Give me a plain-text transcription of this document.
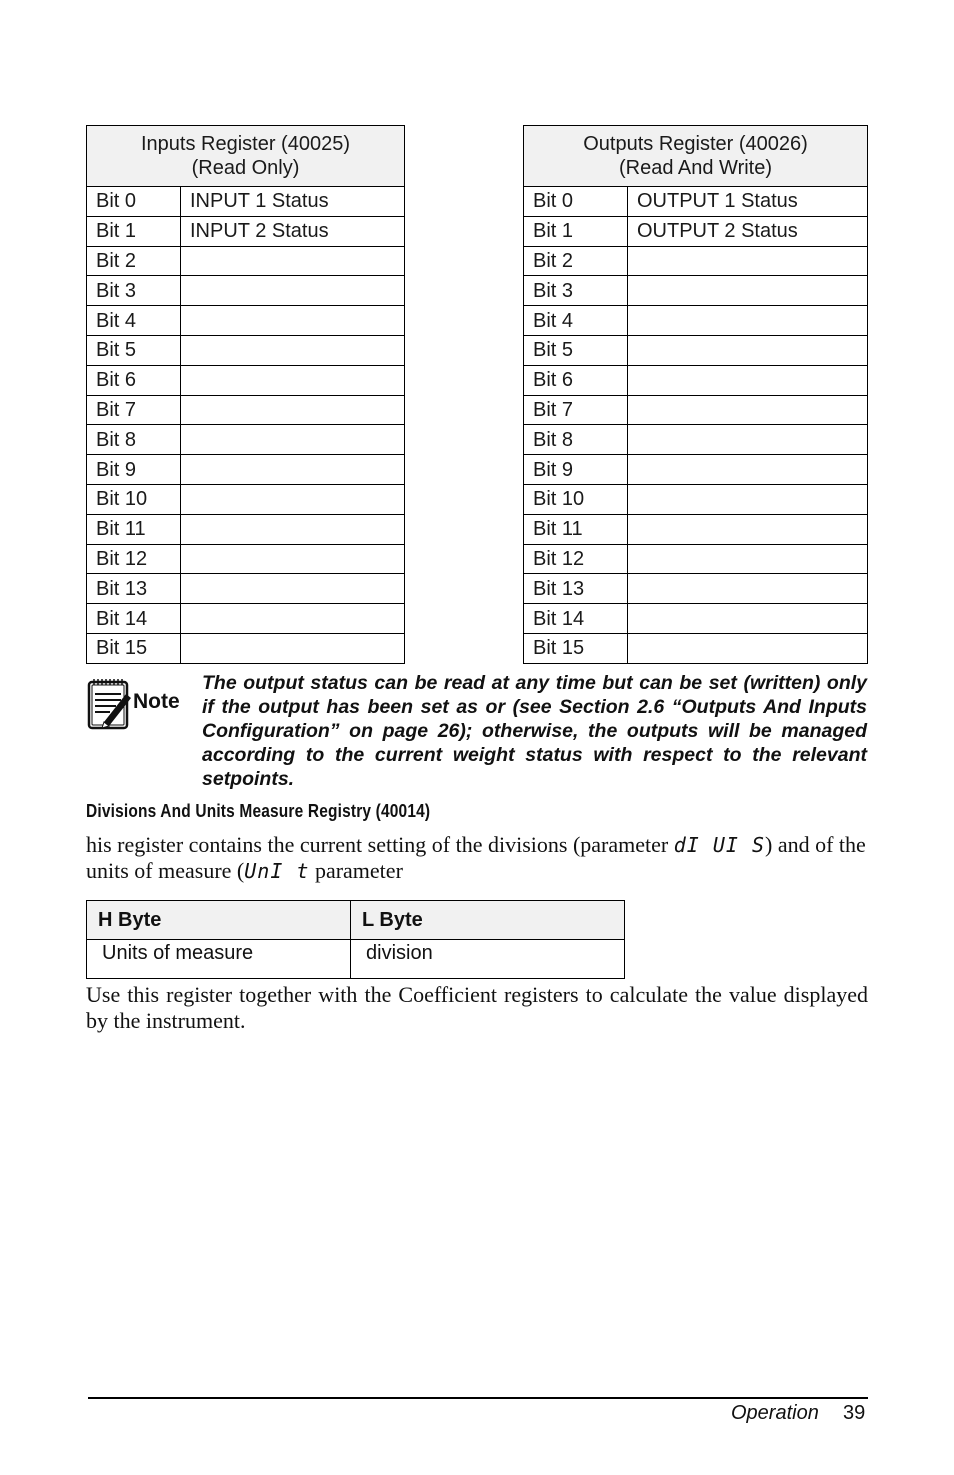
Inputs Register (40025)
(Read Only)	
Bit 0	INPUT 1 Status
Bit 1	INPUT 2 Status
Bit 2	
Bit 3	
Bit 4	
Bit 5	
Bit 6	
Bit 7	
Bit 8	
Bit 9	
Bit 10	
Bit 11	
Bit 12	
Bit 13	
Bit 14	
Bit 15	
Outputs Register (40026)
(Read And Write)	
Bit 0	OUTPUT 1 Status
Bit 1	OUTPUT 2 Status
Bit 2	
Bit 3	
Bit 4	
Bit 5	
Bit 6	
Bit 7	
Bit 8	
Bit 9	
Bit 10	
Bit 11	
Bit 12	
Bit 13	
Bit 14	
Bit 15	
Note
The output status can be read at any time but can be set (written) only if the output has been set as or (see Section 2.6 “Outputs And Inputs Configuration” on page 26); otherwise, the outputs will be managed according to the current weight status with respect to the relevant setpoints.
Divisions And Units Measure Registry (40014)
his register contains the current setting of the divisions (parameter dI UI S) and of the units of measure (UnI t parameter
H Byte	L Byte
Units of measure	division
Use this register together with the Coefficient registers to calculate the value displayed by the instrument.
Operation 39
